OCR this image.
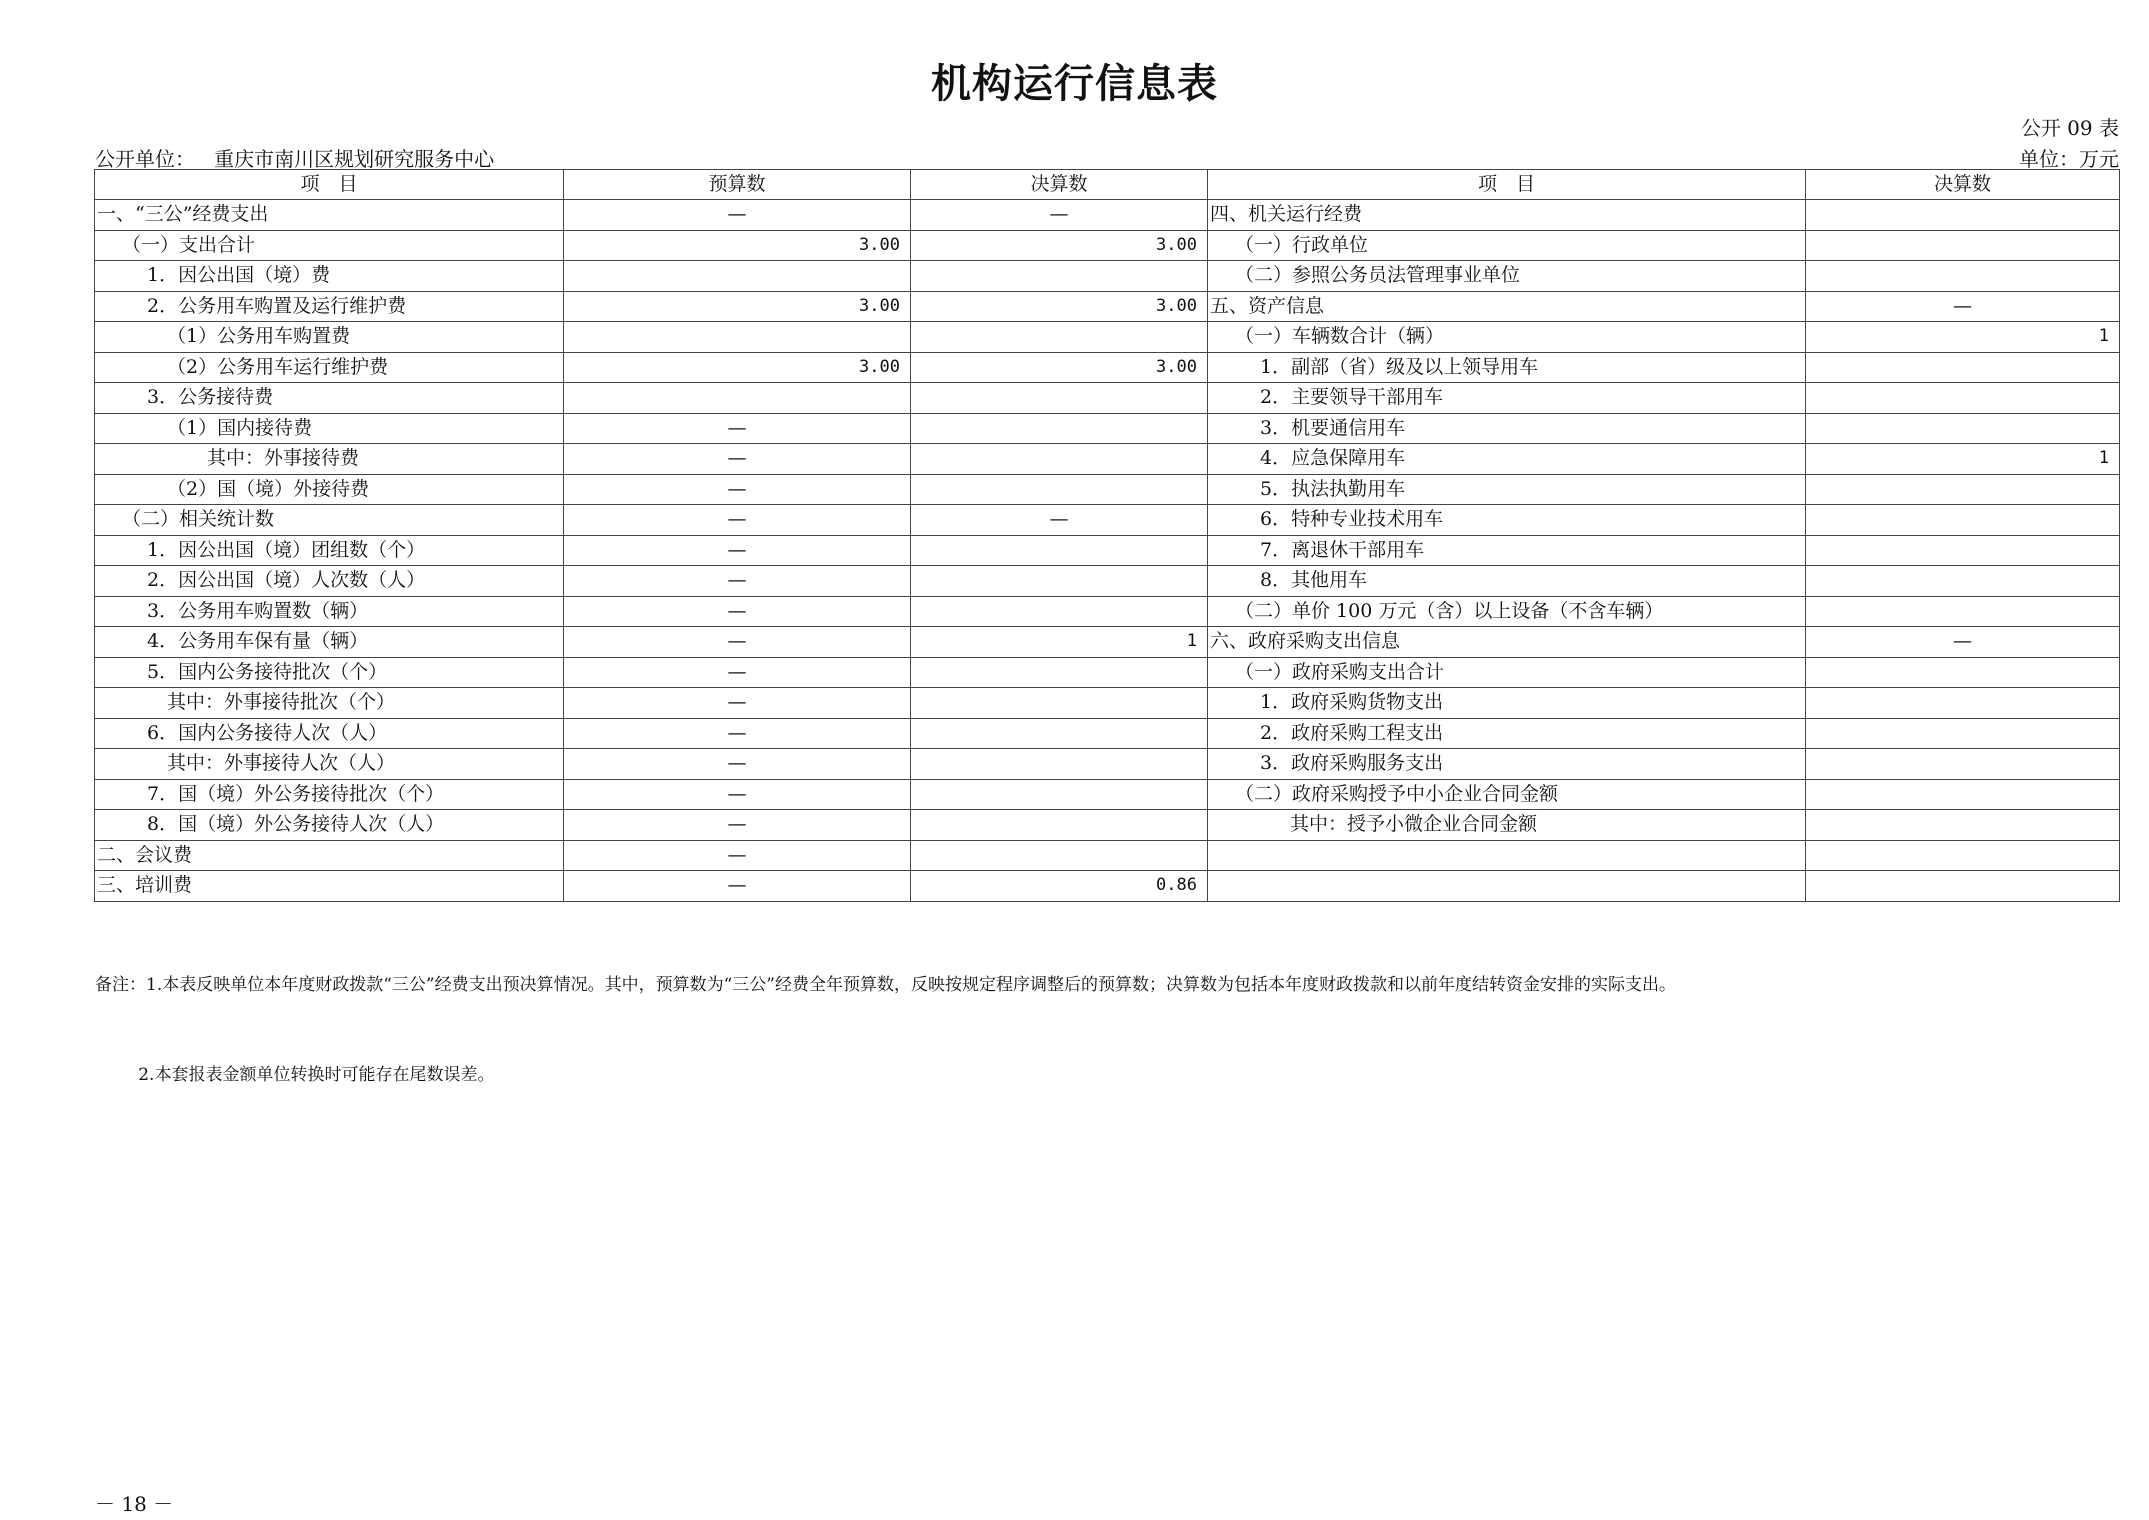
机构运行信息表
公开 09 表
公开单位：   重庆市南川区规划研究服务中心	单位：万元
项　目	预算数	决算数	项　目	决算数
一、“三公”经费支出	—	—	四、机关运行经费	
（一）支出合计	3.00	3.00	（一）行政单位	
1．因公出国（境）费			（二）参照公务员法管理事业单位	
2．公务用车购置及运行维护费	3.00	3.00	五、资产信息	—
（1）公务用车购置费			（一）车辆数合计（辆）	1
（2）公务用车运行维护费	3.00	3.00	1．副部（省）级及以上领导用车	
3．公务接待费			2．主要领导干部用车	
（1）国内接待费	—		3．机要通信用车	
其中：外事接待费	—		4．应急保障用车	1
（2）国（境）外接待费	—		5．执法执勤用车	
（二）相关统计数	—	—	6．特种专业技术用车	
1．因公出国（境）团组数（个）	—		7．离退休干部用车	
2．因公出国（境）人次数（人）	—		8．其他用车	
3．公务用车购置数（辆）	—		（二）单价 100 万元（含）以上设备（不含车辆）	
4．公务用车保有量（辆）	—	1	六、政府采购支出信息	—
5．国内公务接待批次（个）	—		（一）政府采购支出合计	
其中：外事接待批次（个）	—		1．政府采购货物支出	
6．国内公务接待人次（人）	—		2．政府采购工程支出	
其中：外事接待人次（人）	—		3．政府采购服务支出	
7．国（境）外公务接待批次（个）	—		（二）政府采购授予中小企业合同金额	
8．国（境）外公务接待人次（人）	—		其中：授予小微企业合同金额	
二、会议费	—			
三、培训费	—	0.86		

备注：1.本表反映单位本年度财政拨款“三公”经费支出预决算情况。其中，预算数为“三公”经费全年预算数，反映按规定程序调整后的预算数；决算数为包括本年度财政拨款和以前年度结转资金安排的实际支出。

2.本套报表金额单位转换时可能存在尾数误差。

－ 18 －
